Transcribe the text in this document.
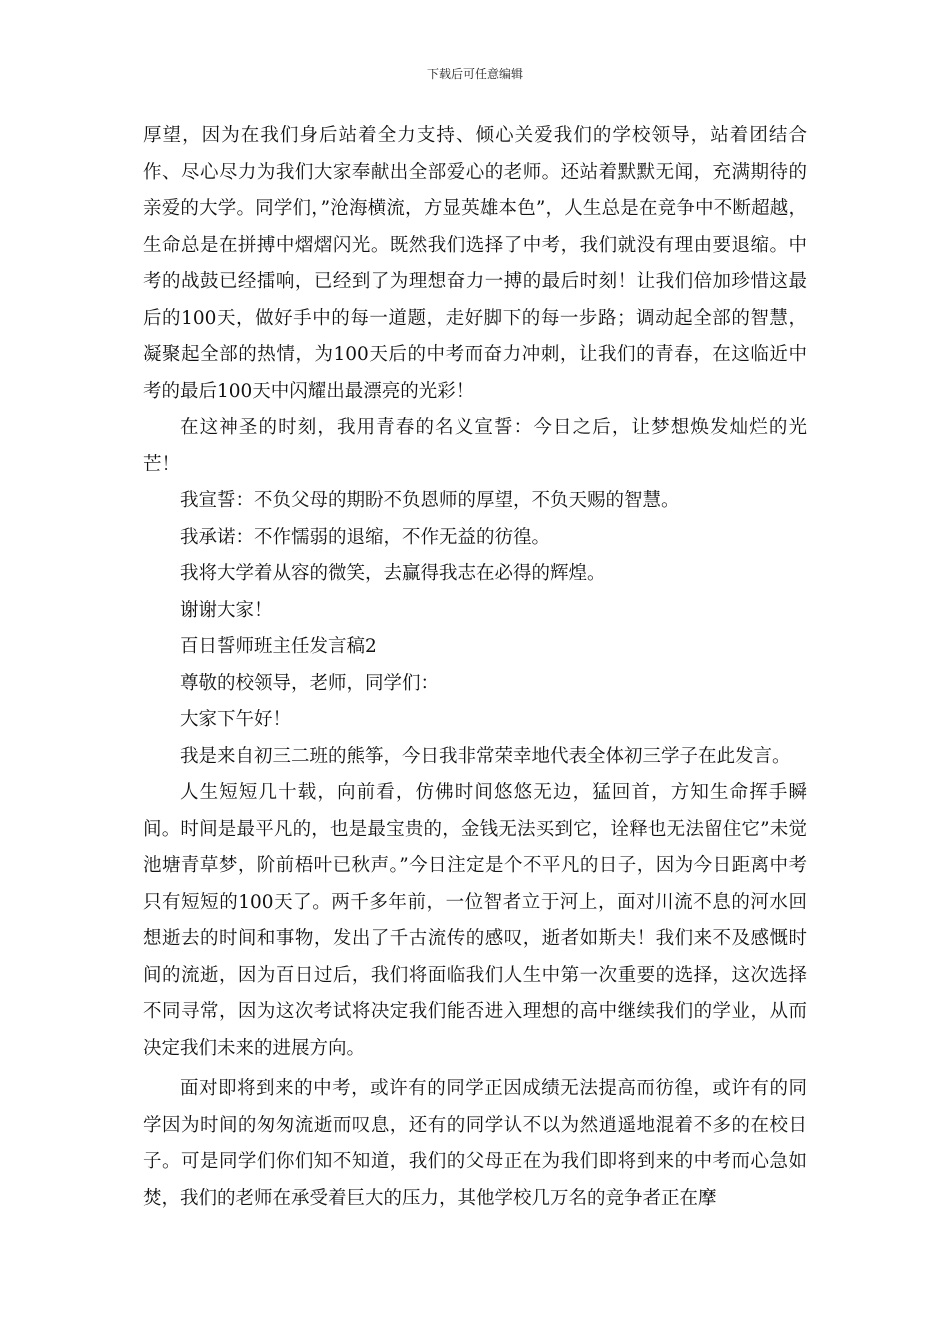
下载后可任意编辑

厚望，因为在我们身后站着全力支持、倾心关爱我们的学校领导，站着团结合作、尽心尽力为我们大家奉献出全部爱心的老师。还站着默默无闻，充满期待的亲爱的大学。同学们，”沧海横流，方显英雄本色”，人生总是在竞争中不断超越，生命总是在拼搏中熠熠闪光。既然我们选择了中考，我们就没有理由要退缩。中考的战鼓已经擂响，已经到了为理想奋力一搏的最后时刻！让我们倍加珍惜这最后的100天，做好手中的每一道题，走好脚下的每一步路；调动起全部的智慧，凝聚起全部的热情，为100天后的中考而奋力冲刺，让我们的青春，在这临近中考的最后100天中闪耀出最漂亮的光彩！

在这神圣的时刻，我用青春的名义宣誓：今日之后，让梦想焕发灿烂的光芒！

我宣誓：不负父母的期盼不负恩师的厚望，不负天赐的智慧。

我承诺：不作懦弱的退缩，不作无益的彷徨。

我将大学着从容的微笑，去赢得我志在必得的辉煌。

谢谢大家！

百日誓师班主任发言稿2

尊敬的校领导，老师，同学们：

大家下午好！

我是来自初三二班的熊筝，今日我非常荣幸地代表全体初三学子在此发言。

人生短短几十载，向前看，仿佛时间悠悠无边，猛回首，方知生命挥手瞬间。时间是最平凡的，也是最宝贵的，金钱无法买到它，诠释也无法留住它”未觉池塘青草梦，阶前梧叶已秋声。”今日注定是个不平凡的日子，因为今日距离中考只有短短的100天了。两千多年前，一位智者立于河上，面对川流不息的河水回想逝去的时间和事物，发出了千古流传的感叹，逝者如斯夫！我们来不及感慨时间的流逝，因为百日过后，我们将面临我们人生中第一次重要的选择，这次选择不同寻常，因为这次考试将决定我们能否进入理想的高中继续我们的学业，从而决定我们未来的进展方向。

面对即将到来的中考，或许有的同学正因成绩无法提高而彷徨，或许有的同学因为时间的匆匆流逝而叹息，还有的同学认不以为然逍遥地混着不多的在校日子。可是同学们你们知不知道，我们的父母正在为我们即将到来的中考而心急如焚，我们的老师在承受着巨大的压力，其他学校几万名的竞争者正在摩
